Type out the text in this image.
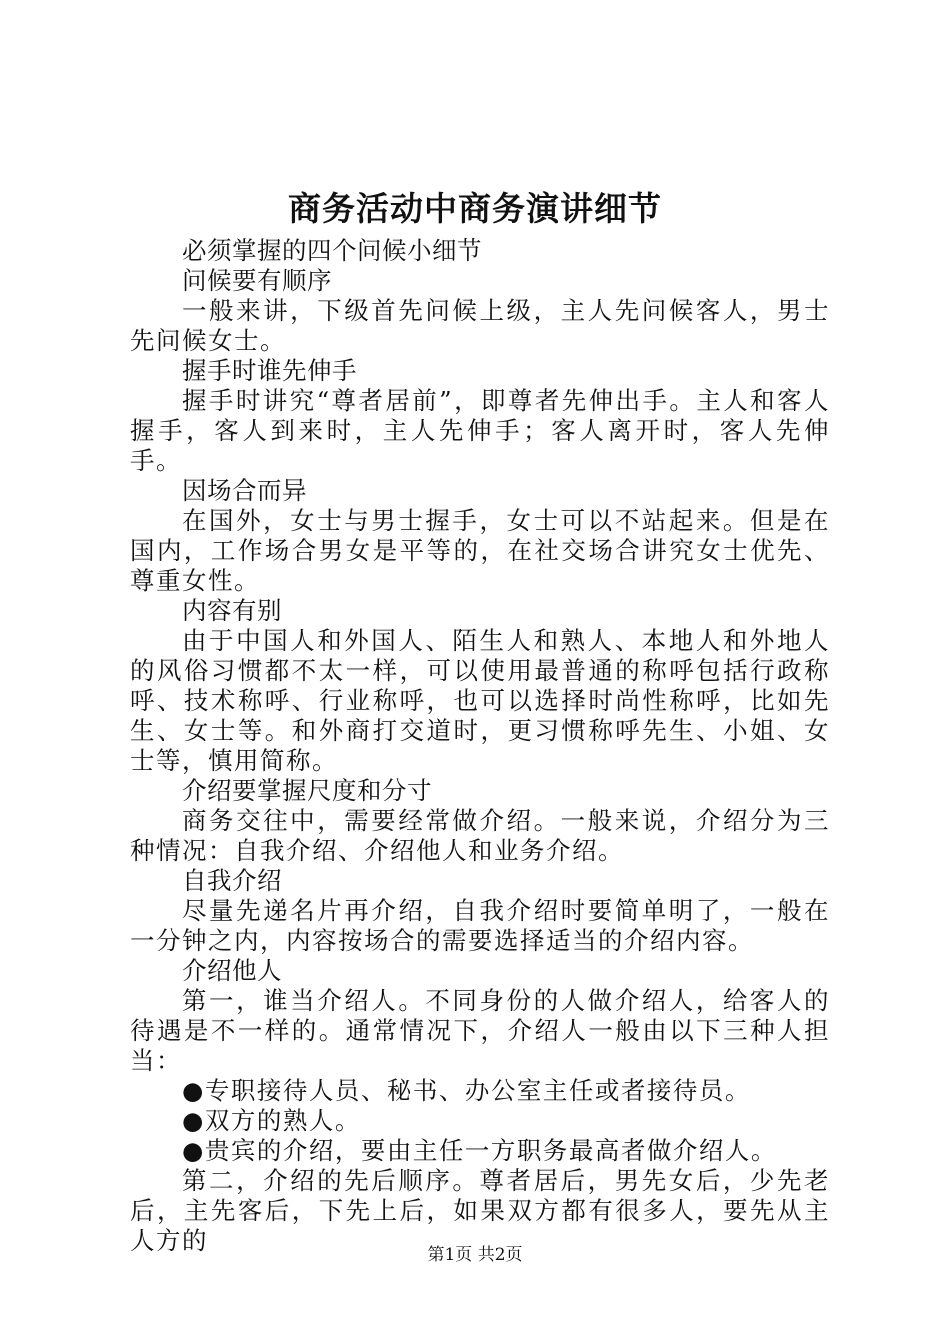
商务活动中商务演讲细节

必须掌握的四个问候小细节

问候要有顺序

一般来讲，下级首先问候上级，主人先问候客人，男士先问候女士。

握手时谁先伸手

握手时讲究“尊者居前”，即尊者先伸出手。主人和客人握手，客人到来时，主人先伸手；客人离开时，客人先伸手。

因场合而异

在国外，女士与男士握手，女士可以不站起来。但是在国内，工作场合男女是平等的，在社交场合讲究女士优先、尊重女性。

内容有别

由于中国人和外国人、陌生人和熟人、本地人和外地人的风俗习惯都不太一样，可以使用最普通的称呼包括行政称呼、技术称呼、行业称呼，也可以选择时尚性称呼，比如先生、女士等。和外商打交道时，更习惯称呼先生、小姐、女士等，慎用简称。

介绍要掌握尺度和分寸

商务交往中，需要经常做介绍。一般来说，介绍分为三种情况：自我介绍、介绍他人和业务介绍。

自我介绍

尽量先递名片再介绍，自我介绍时要简单明了，一般在一分钟之内，内容按场合的需要选择适当的介绍内容。

介绍他人

第一，谁当介绍人。不同身份的人做介绍人，给客人的待遇是不一样的。通常情况下，介绍人一般由以下三种人担当：

●专职接待人员、秘书、办公室主任或者接待员。

●双方的熟人。

●贵宾的介绍，要由主任一方职务最高者做介绍人。

第二，介绍的先后顺序。尊者居后，男先女后，少先老后，主先客后，下先上后，如果双方都有很多人，要先从主人方的	第1页 共2页
